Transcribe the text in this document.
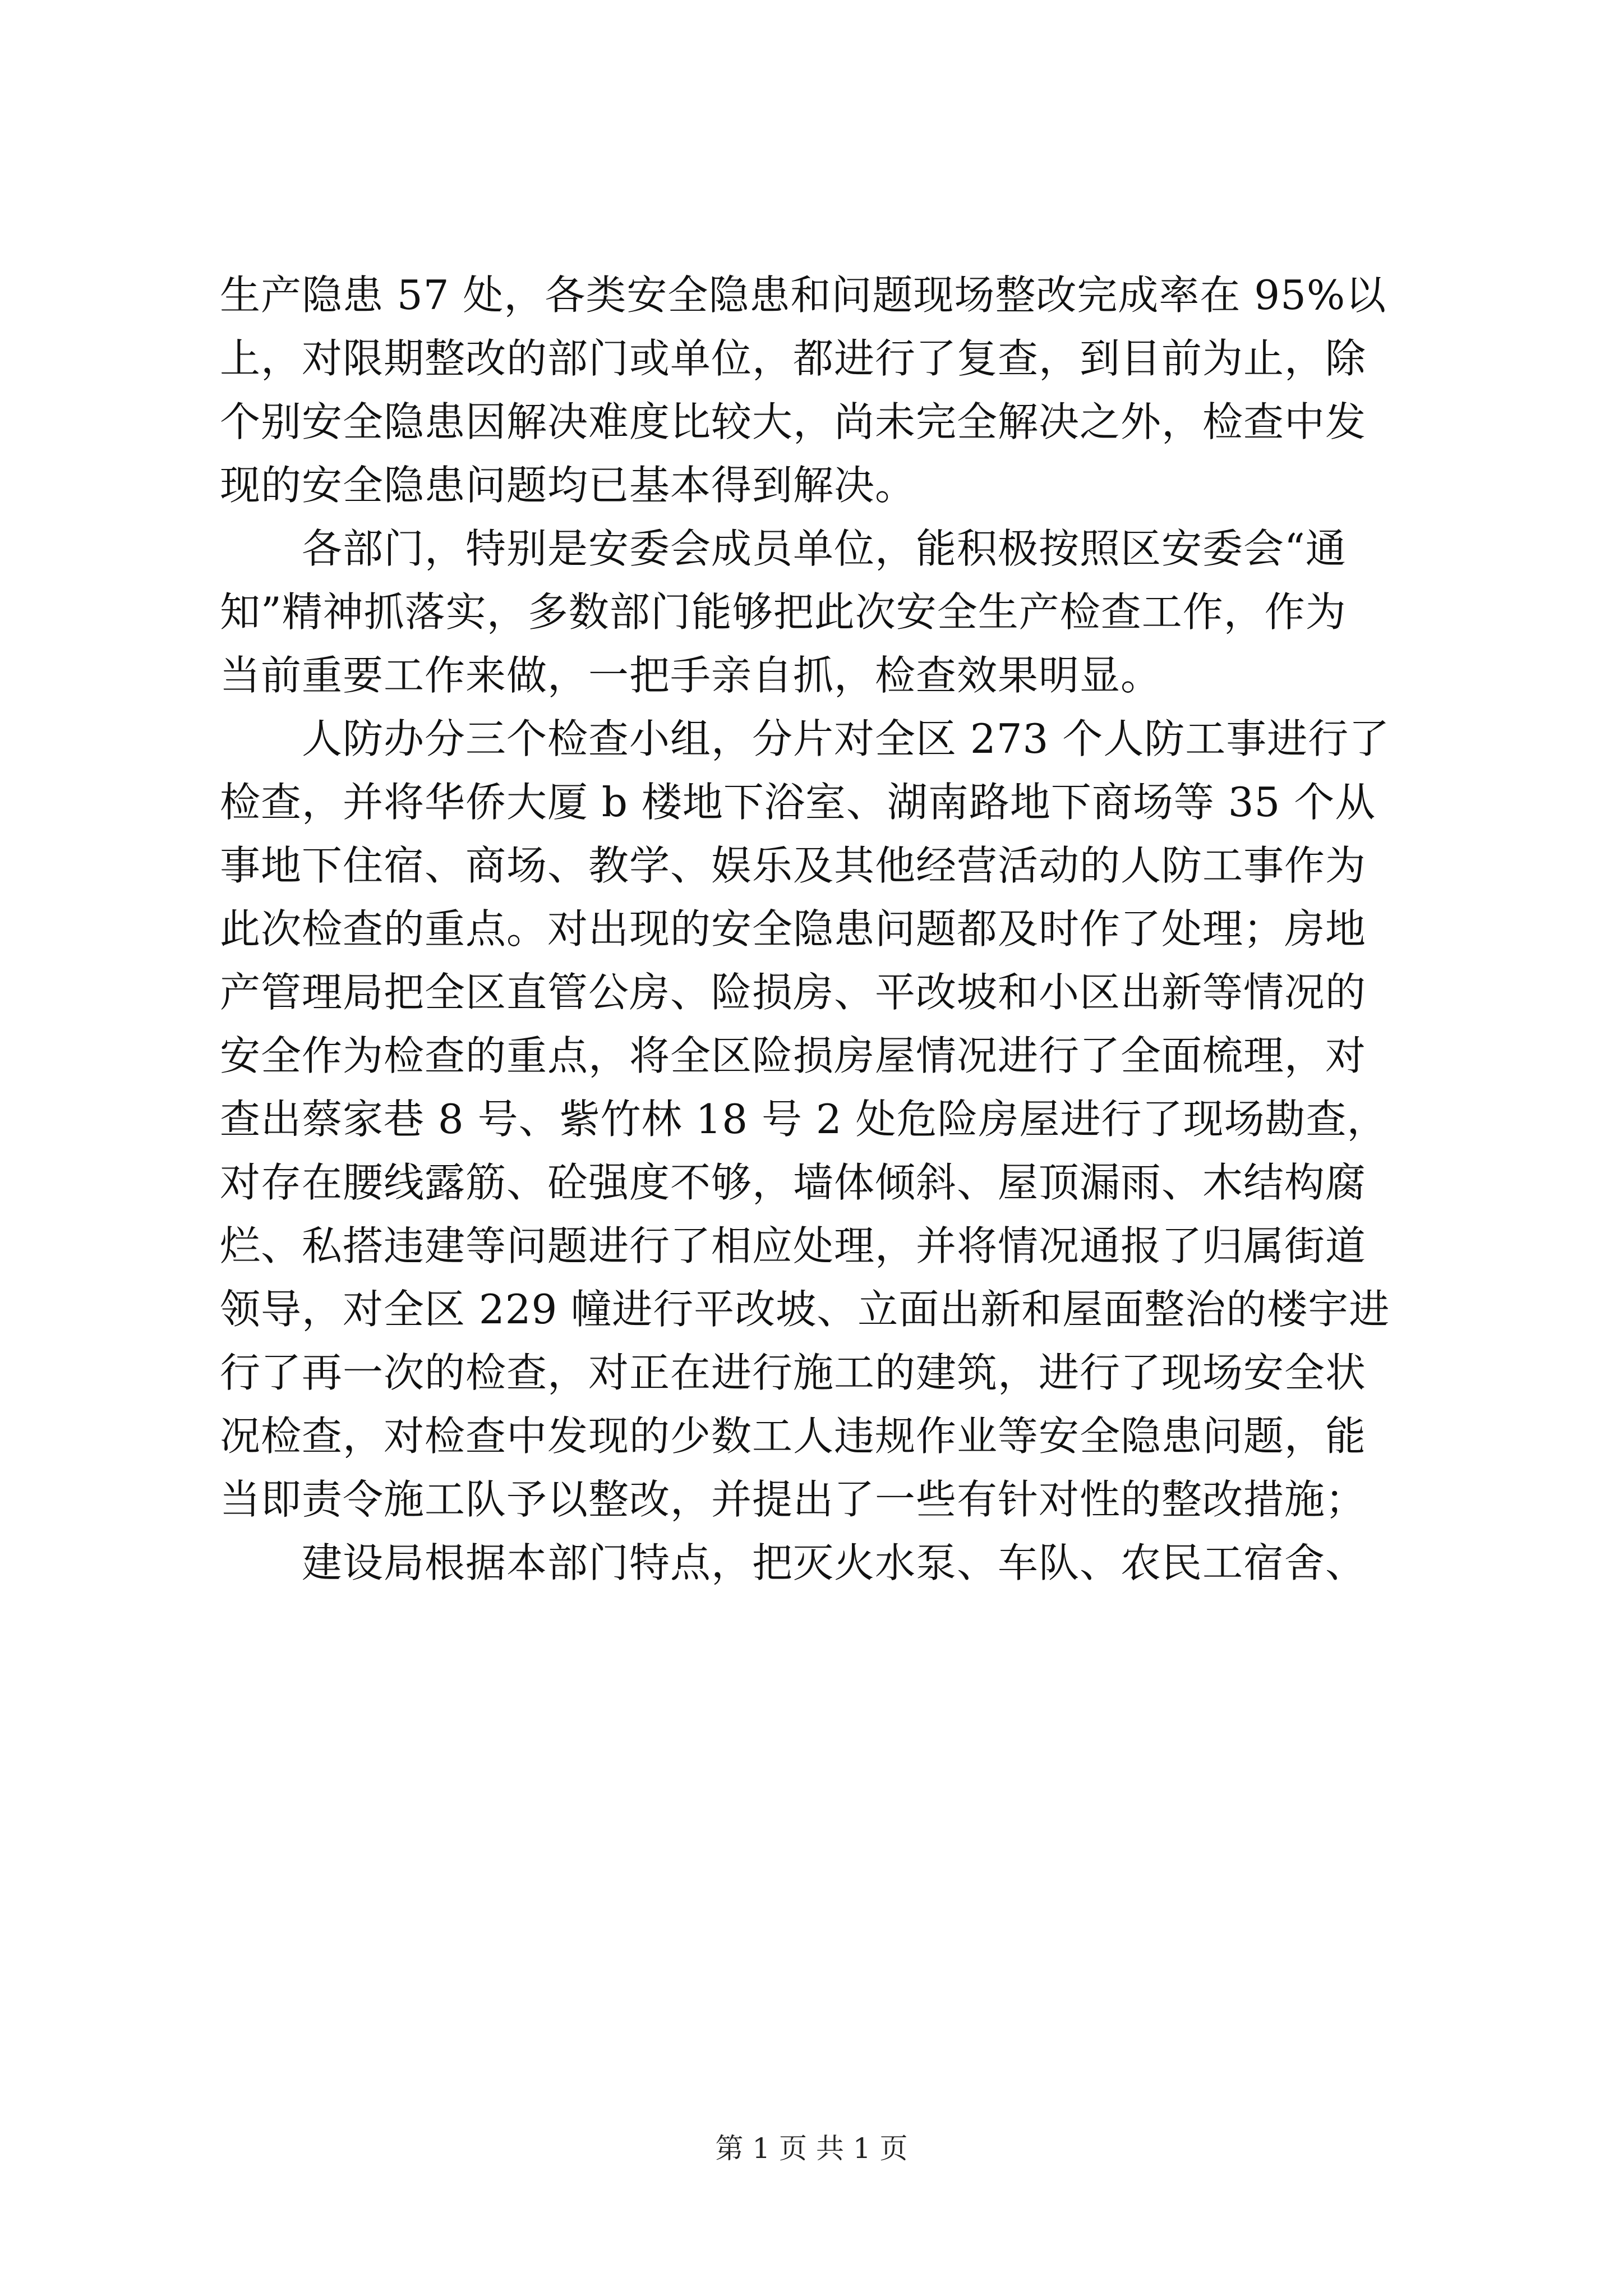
生产隐患 57 处，各类安全隐患和问题现场整改完成率在 95%以
上，对限期整改的部门或单位，都进行了复查，到目前为止，除
个别安全隐患因解决难度比较大，尚未完全解决之外，检查中发
现的安全隐患问题均已基本得到解决。
　　各部门，特别是安委会成员单位，能积极按照区安委会“通
知”精神抓落实，多数部门能够把此次安全生产检查工作，作为
当前重要工作来做，一把手亲自抓，检查效果明显。
　　人防办分三个检查小组，分片对全区 273 个人防工事进行了
检查，并将华侨大厦 b 楼地下浴室、湖南路地下商场等 35 个从
事地下住宿、商场、教学、娱乐及其他经营活动的人防工事作为
此次检查的重点。对出现的安全隐患问题都及时作了处理；房地
产管理局把全区直管公房、险损房、平改坡和小区出新等情况的
安全作为检查的重点，将全区险损房屋情况进行了全面梳理，对
查出蔡家巷 8 号、紫竹林 18 号 2 处危险房屋进行了现场勘查，
对存在腰线露筋、砼强度不够，墙体倾斜、屋顶漏雨、木结构腐
烂、私搭违建等问题进行了相应处理，并将情况通报了归属街道
领导，对全区 229 幢进行平改坡、立面出新和屋面整治的楼宇进
行了再一次的检查，对正在进行施工的建筑，进行了现场安全状
况检查，对检查中发现的少数工人违规作业等安全隐患问题，能
当即责令施工队予以整改，并提出了一些有针对性的整改措施；
　　建设局根据本部门特点，把灭火水泵、车队、农民工宿舍、
第 1 页 共 1 页
